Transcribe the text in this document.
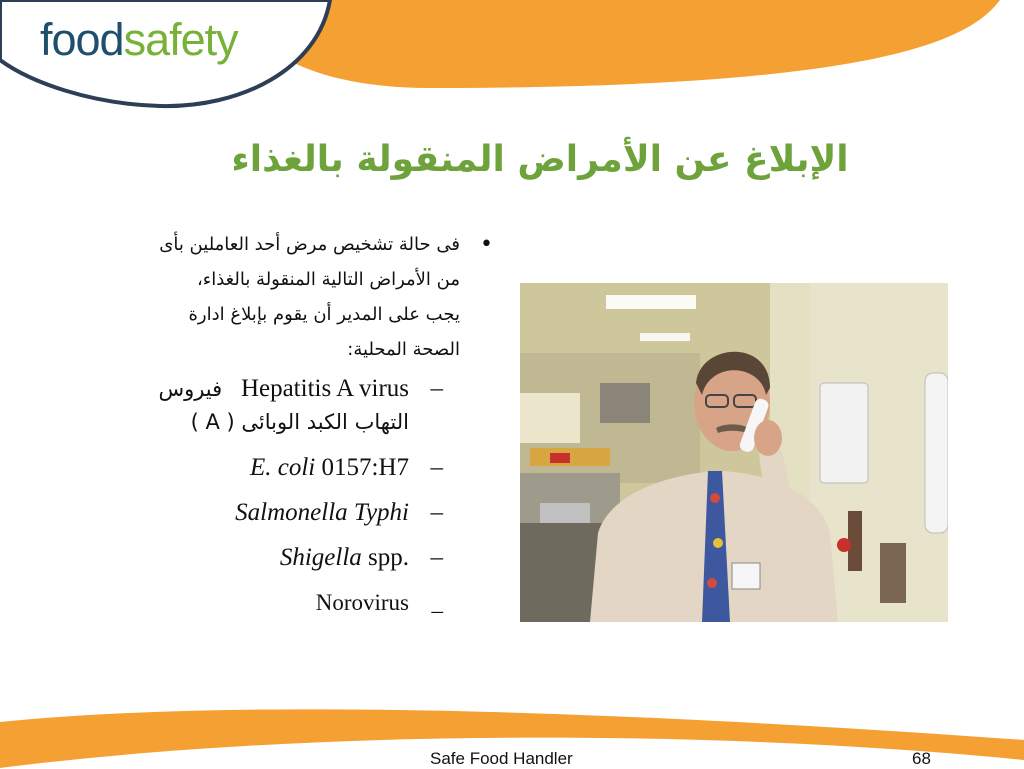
foodsafety
الإبلاغ عن الأمراض المنقولة بالغذاء
•
فى حالة تشخيص مرض أحد العاملين بأى
من الأمراض التالية المنقولة بالغذاء،
يجب على المدير أن يقوم بإبلاغ ادارة
الصحة المحلية:
–
فيروس Hepatitis A virus
التهاب الكبد الوبائى ( A )
–
E. coli 0157:H7
–
Salmonella Typhi
–
Shigella spp.
_
Norovirus
Safe Food Handler	68
